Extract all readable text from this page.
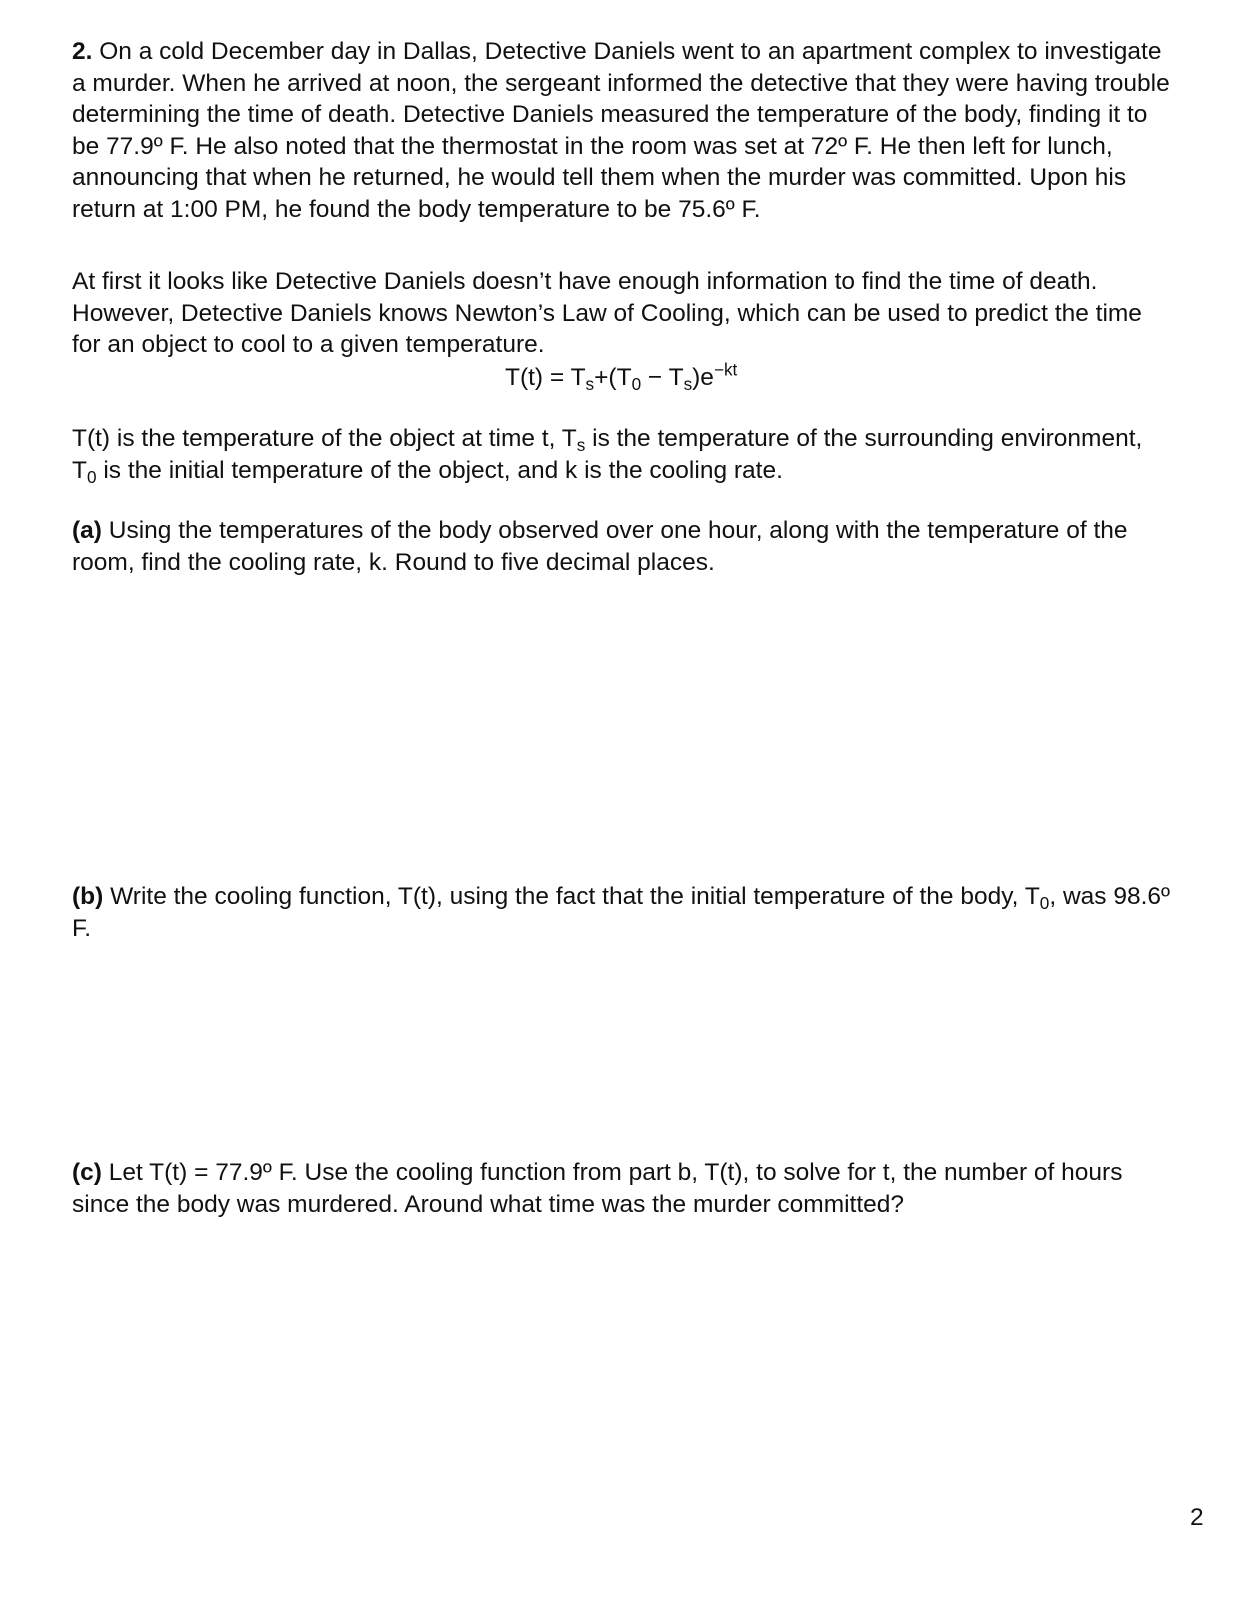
2. On a cold December day in Dallas, Detective Daniels went to an apartment complex to investigate
a murder. When he arrived at noon, the sergeant informed the detective that they were having trouble
determining the time of death. Detective Daniels measured the temperature of the body, finding it to
be 77.9º F. He also noted that the thermostat in the room was set at 72º F. He then left for lunch,
announcing that when he returned, he would tell them when the murder was committed. Upon his
return at 1:00 PM, he found the body temperature to be 75.6º F.
At first it looks like Detective Daniels doesn’t have enough information to find the time of death.
However, Detective Daniels knows Newton’s Law of Cooling, which can be used to predict the time
for an object to cool to a given temperature.
$T(t) = T_s+(T_0 - T_s)e^{-kt}$
T(t) is the temperature of the object at time t, $T_s$ is the temperature of the surrounding environment,
$T_0$ is the initial temperature of the object, and k is the cooling rate.
(a) Using the temperatures of the body observed over one hour, along with the temperature of the
room, find the cooling rate, k. Round to five decimal places.
(b) Write the cooling function, T(t), using the fact that the initial temperature of the body, $T_0$, was 98.6º
F.
(c) Let T(t) = 77.9º F. Use the cooling function from part b, T(t), to solve for t, the number of hours
since the body was murdered. Around what time was the murder committed?
2
